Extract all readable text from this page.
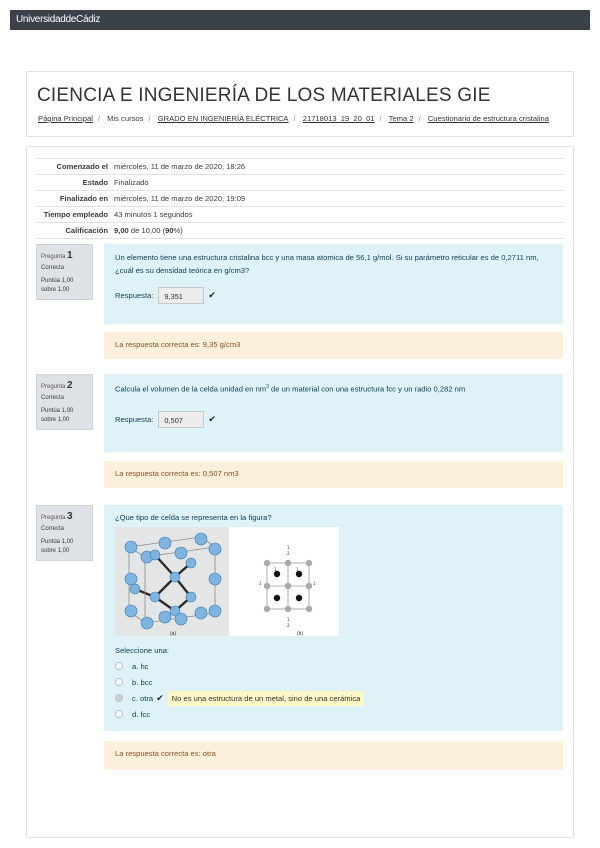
UniversidaddeCádiz
CIENCIA E INGENIERÍA DE LOS MATERIALES GIE
Página Principal / Mis cursos / GRADO EN INGENIERÍA ELÉCTRICA / 21718013_19_20_01 / Tema 2 / Cuestionario de estructura cristalina
Comenzado el miércoles, 11 de marzo de 2020, 18:26
Estado Finalizado
Finalizado en miércoles, 11 de marzo de 2020, 19:09
Tiempo empleado 43 minutos 1 segundos
Calificación 9,00 de 10,00 (90%)
Pregunta 1
Correcta
Puntúa 1,00 sobre 1,00
Un elemento tiene una estructura cristalina bcc y una masa atomica de 56,1 g/mol. Si su parámetro reticular es de 0,2711 nm, ¿cuál es su densidad teórica en g/cm3?
Respuesta:	9,351	✔
La respuesta correcta es: 9,35 g/cm3
Pregunta 2
Correcta
Puntúa 1,00 sobre 1,00
Calcula el volumen de la celda unidad en $nm^3$ de un material con una estructura fcc y un radio 0,282 nm
Respuesta:	0,507	✔
La respuesta correcta es: 0,507 nm3
Pregunta 3
Correcta
Puntúa 1,00 sobre 1,00
¿Que tipo de celda se representa en la figura?
1
2
1	1
1	1
1
2
(a)	(b)
Seleccione una:
a. hc
b. bcc
c. otra ✔	No es una estructura de un metal, sino de una cerámica
d. fcc
La respuesta correcta es: otra
